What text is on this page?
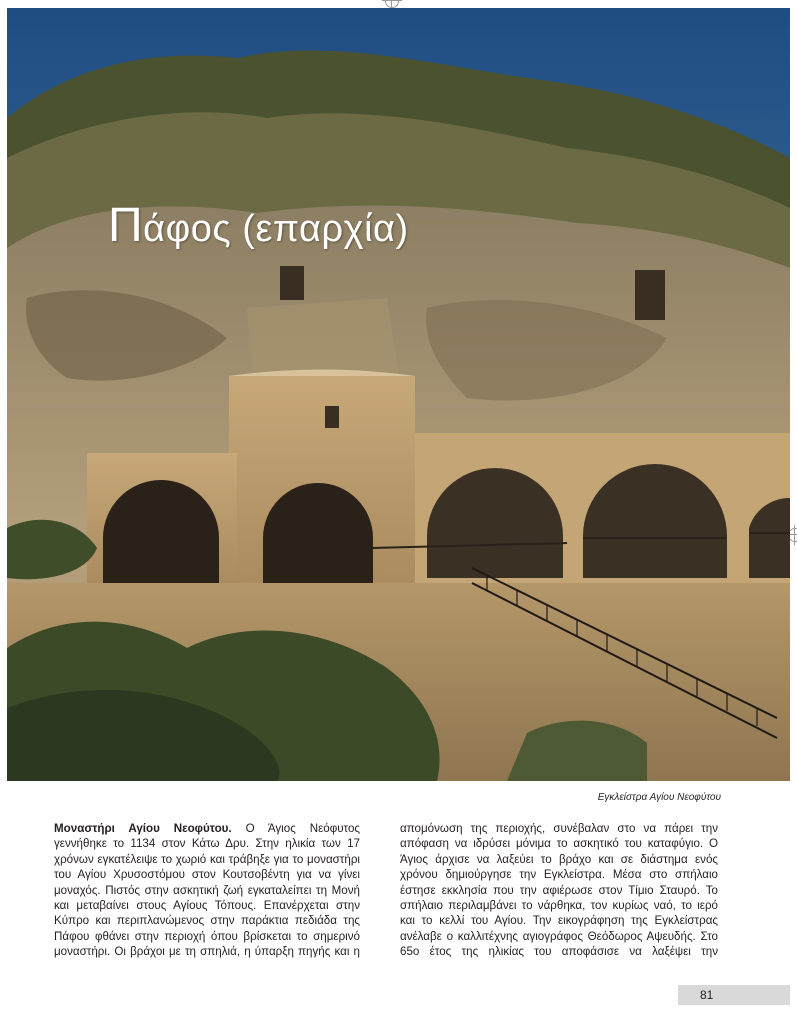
Πάφος (επαρχία)
Εγκλείστρα Αγίου Νεοφύτου
Μοναστήρι Αγίου Νεοφύτου. Ο Άγιος Νεόφυτος γεννήθηκε το 1134 στον Κάτω Δρυ. Στην ηλικία των 17 χρόνων εγκατέλειψε το χωριό και τράβηξε για το μοναστήρι του Αγίου Χρυσοστόμου στον Κουτσοβέντη για να γίνει μοναχός. Πιστός στην ασκητική ζωή εγκαταλείπει τη Μονή και μεταβαίνει στους Αγίους Τόπους. Επανέρχεται στην Κύπρο και περιπλανώμενος στην παράκτια πεδιάδα της Πάφου φθάνει στην περιοχή όπου βρίσκεται το σημερινό μοναστήρι. Οι βράχοι με τη σπηλιά, η ύπαρξη πηγής και η
απομόνωση της περιοχής, συνέβαλαν στο να πάρει την απόφαση να ιδρύσει μόνιμα το ασκητικό του καταφύγιο. Ο Άγιος άρχισε να λαξεύει το βράχο και σε διάστημα ενός χρόνου δημιούργησε την Εγκλείστρα. Μέσα στο σπήλαιο έστησε εκκλησία που την αφιέρωσε στον Τίμιο Σταυρό. Το σπήλαιο περιλαμβάνει το νάρθηκα, τον κυρίως ναό, το ιερό και το κελλί του Αγίου. Την εικογράφηση της Εγκλείστρας ανέλαβε ο καλλιτέχνης αγιογράφος Θεόδωρος Αψευδής. Στο 65ο έτος της ηλικίας του αποφάσισε να λαξέψει την
81
